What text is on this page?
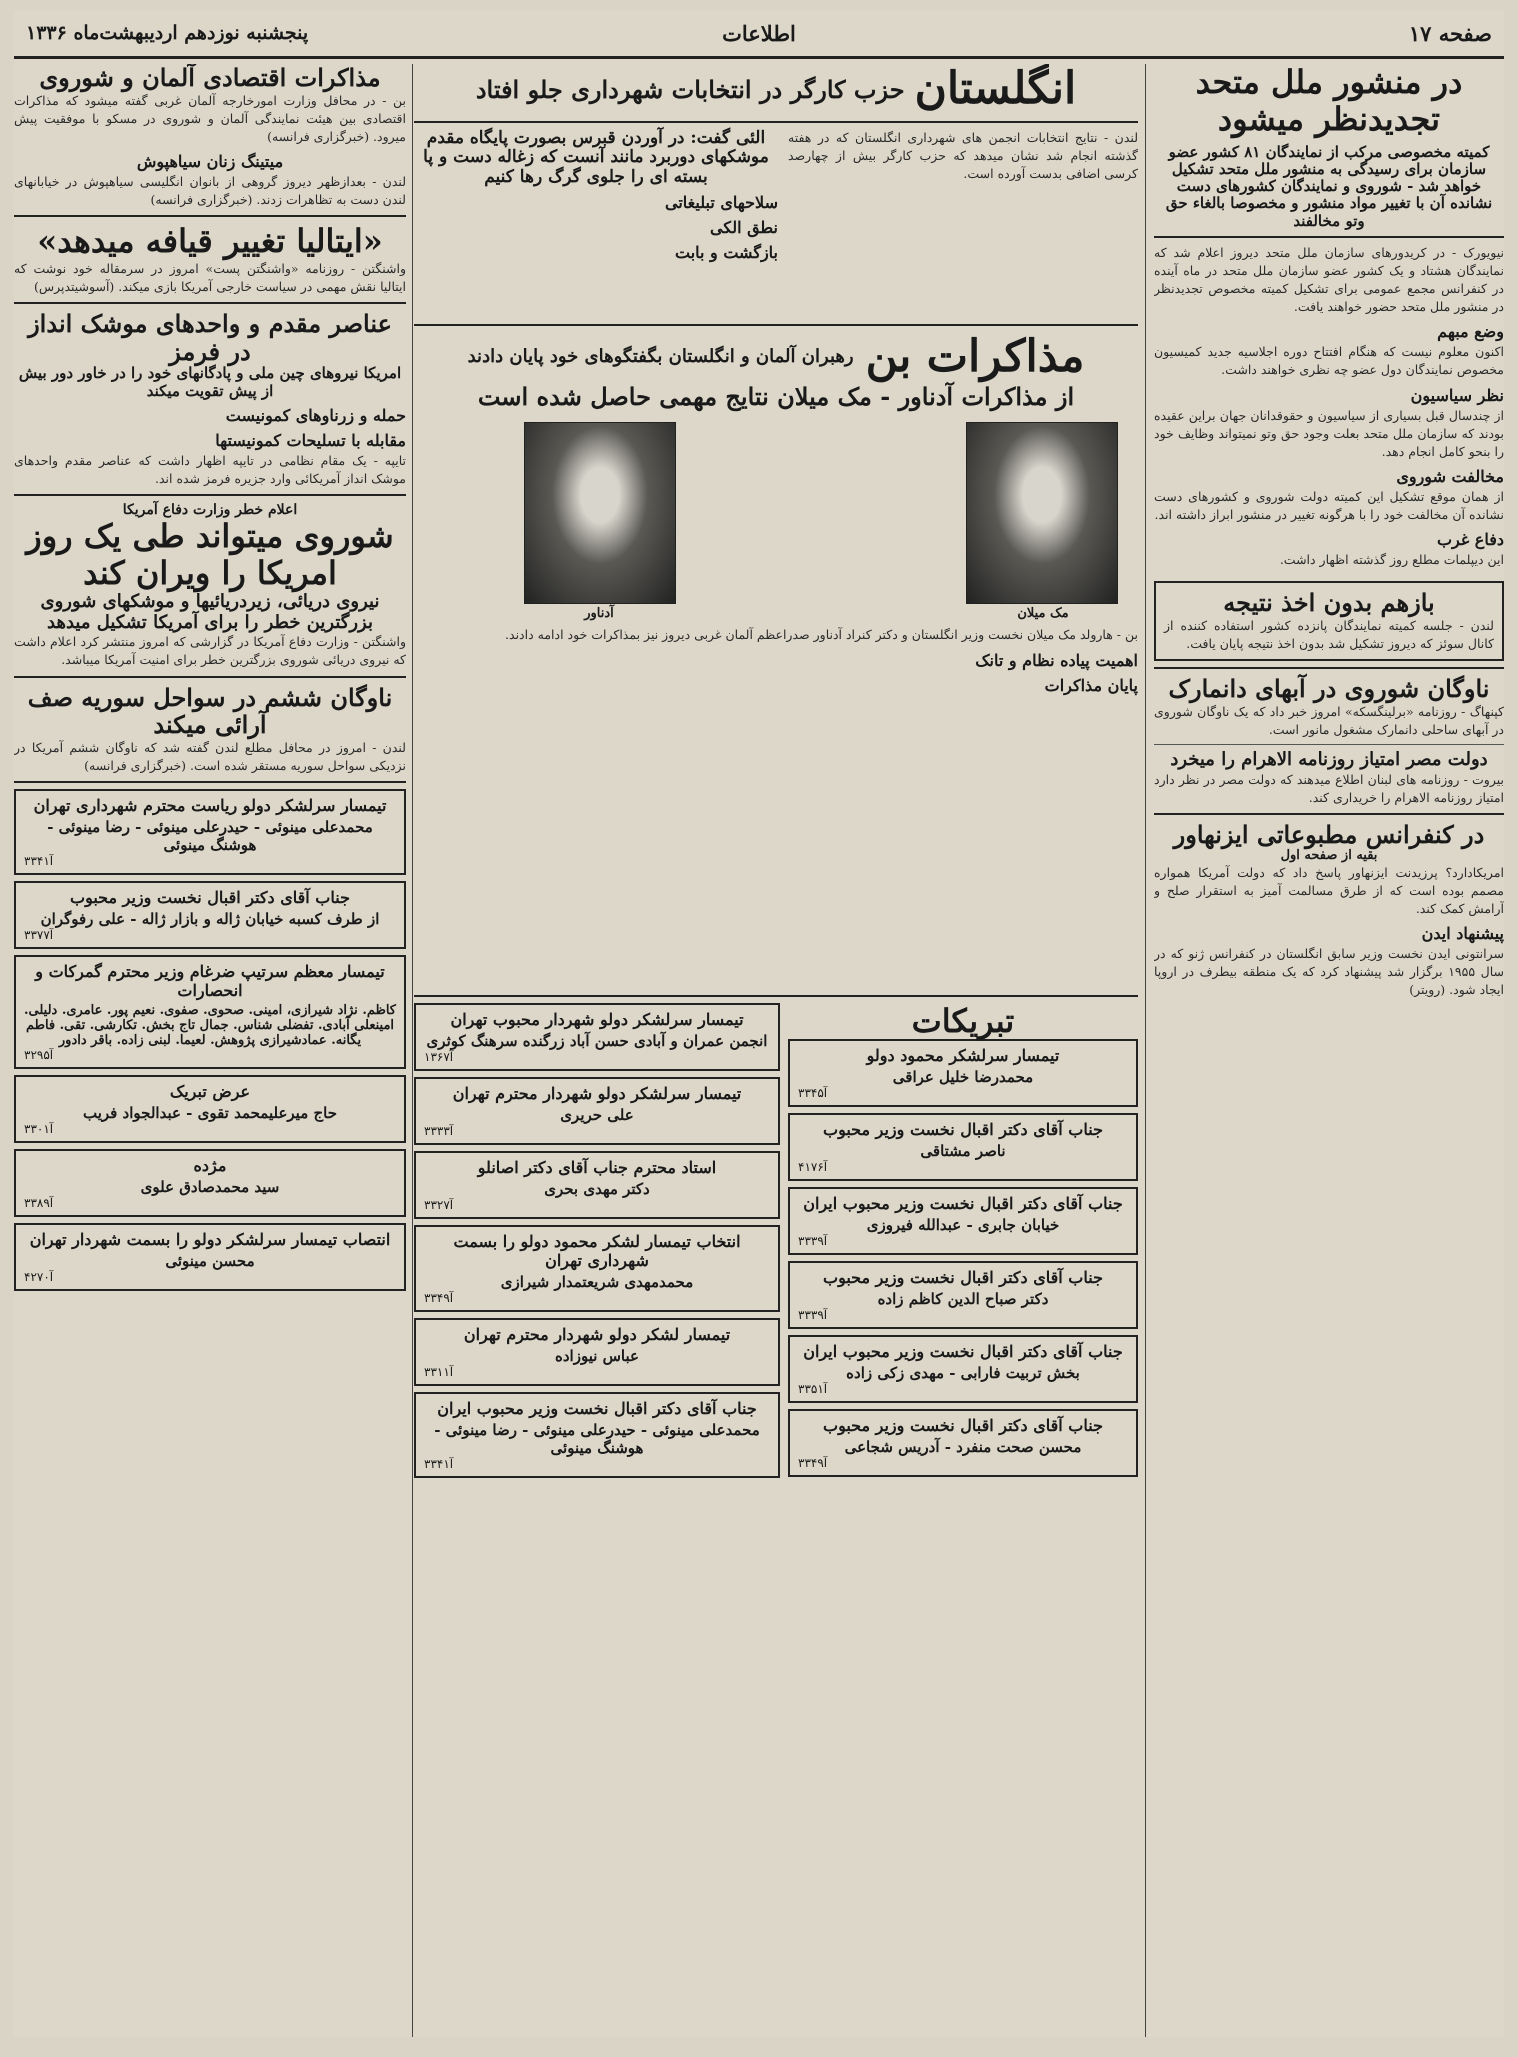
صفحه ۱۷
اطلاعات
پنجشنبه نوزدهم اردیبهشت‌ماه ۱۳۳۶
در منشور ملل متحد تجدیدنظر میشود
کمیته مخصوصی مرکب از نمایندگان ۸۱ کشور عضو سازمان برای رسیدگی به منشور ملل متحد تشکیل خواهد شد - شوروی و نمایندگان کشورهای دست نشانده آن با تغییر مواد منشور و مخصوصا بالغاء حق وتو مخالفند
نیویورک - در کریدورهای سازمان ملل متحد دیروز اعلام شد که نمایندگان هشتاد و یک کشور عضو سازمان ملل متحد در ماه آینده در کنفرانس مجمع عمومی برای تشکیل کمیته مخصوص تجدیدنظر در منشور ملل متحد حضور خواهند یافت.
وضع مبهم
اکنون معلوم نیست که هنگام افتتاح دوره اجلاسیه جدید کمیسیون مخصوص نمایندگان دول عضو چه نظری خواهند داشت.
نظر سیاسیون
از چندسال قبل بسیاری از سیاسیون و حقوقدانان جهان براین عقیده بودند که سازمان ملل متحد بعلت وجود حق وتو نمیتواند وظایف خود را بنحو کامل انجام دهد.
مخالفت شوروی
از همان موقع تشکیل این کمیته دولت شوروی و کشورهای دست نشانده آن مخالفت خود را با هرگونه تغییر در منشور ابراز داشته اند.
دفاع غرب
این دیپلمات مطلع روز گذشته اظهار داشت.
بازهم بدون اخذ نتیجه
لندن - جلسه کمیته نمایندگان پانزده کشور استفاده کننده از کانال سوئز که دیروز تشکیل شد بدون اخذ نتیجه پایان یافت.
ناوگان شوروی در آبهای دانمارک
کپنهاگ - روزنامه «برلینگسکه» امروز خبر داد که یک ناوگان شوروی در آبهای ساحلی دانمارک مشغول مانور است.
دولت مصر امتیاز روزنامه الاهرام را میخرد
بیروت - روزنامه های لبنان اطلاع میدهند که دولت مصر در نظر دارد امتیاز روزنامه الاهرام را خریداری کند.
در کنفرانس مطبوعاتی ایزنهاور
بقیه از صفحه اول
امریکادارد؟ پرزیدنت ایزنهاور پاسخ داد که دولت آمریکا همواره مصمم بوده است که از طرق مسالمت آمیز به استقرار صلح و آرامش کمک کند.
پیشنهاد ایدن
سرانتونی ایدن نخست وزیر سابق انگلستان در کنفرانس ژنو که در سال ۱۹۵۵ برگزار شد پیشنهاد کرد که یک منطقه بیطرف در اروپا ایجاد شود. (رویتر)
انگلستان
حزب کارگر در انتخابات شهرداری جلو افتاد
لندن - نتایج انتخابات انجمن های شهرداری انگلستان که در هفته گذشته انجام شد نشان میدهد که حزب کارگر بیش از چهارصد کرسی اضافی بدست آورده است.
الئی گفت: در آوردن قبرس بصورت پایگاه مقدم موشکهای دوربرد مانند آنست که زغاله دست و پا بسته ای را جلوی گرگ رها کنیم
سلاحهای تبلیغاتی
نطق الکی
بازگشت و بابت
مذاکرات بن
رهبران آلمان و انگلستان بگفتگوهای خود پایان دادند
از مذاکرات آدناور - مک میلان نتایج مهمی حاصل شده است
مک میلان
آدناور
بن - هارولد مک میلان نخست وزیر انگلستان و دکتر کنراد آدناور صدراعظم آلمان غربی دیروز نیز بمذاکرات خود ادامه دادند.
اهمیت پیاده نظام و تانک
پایان مذاکرات
تبریکات
تیمسار سرلشکر محمود دولو
محمدرضا خلیل عراقی
آ۳۳۴۵
جناب آقای دکتر اقبال نخست وزیر محبوب
ناصر مشتاقی
آ۴۱۷۶
جناب آقای دکتر اقبال نخست وزیر محبوب ایران
خیابان جابری - عبدالله فیروزی
آ۳۳۳۹
جناب آقای دکتر اقبال نخست وزیر محبوب
دکتر صباح الدین کاظم زاده
آ۳۳۳۹
جناب آقای دکتر اقبال نخست وزیر محبوب ایران
بخش تربیت فارابی - مهدی زکی زاده
آ۳۳۵۱
جناب آقای دکتر اقبال نخست وزیر محبوب
محسن صحت منفرد - آدریس شجاعی
آ۳۳۴۹
تیمسار سرلشکر دولو شهردار محبوب تهران
انجمن عمران و آبادی حسن آباد زرگنده سرهنگ کوثری
آ۱۳۶۷
تیمسار سرلشکر دولو شهردار محترم تهران
علی حریری
آ۳۳۳۳
استاد محترم جناب آقای دکتر اصانلو
دکتر مهدی بحری
آ۳۳۲۷
انتخاب تیمسار لشکر محمود دولو را بسمت شهرداری تهران
محمدمهدی شریعتمدار شیرازی
آ۳۳۴۹
تیمسار لشکر دولو شهردار محترم تهران
عباس نیوزاده
آ۳۳۱۱
جناب آقای دکتر اقبال نخست وزیر محبوب ایران
محمدعلی مینوئی - حیدرعلی مینوئی - رضا مینوئی - هوشنگ مینوئی
آ۳۳۴۱
مذاکرات اقتصادی آلمان و شوروی
بن - در محافل وزارت امورخارجه آلمان غربی گفته میشود که مذاکرات اقتصادی بین هیئت نمایندگی آلمان و شوروی در مسکو با موفقیت پیش میرود. (خبرگزاری فرانسه)
میتینگ زنان سیاهپوش
لندن - بعدازظهر دیروز گروهی از بانوان انگلیسی سیاهپوش در خیابانهای لندن دست به تظاهرات زدند. (خبرگزاری فرانسه)
«ایتالیا تغییر قیافه میدهد»
واشنگتن - روزنامه «واشنگتن پست» امروز در سرمقاله خود نوشت که ایتالیا نقش مهمی در سیاست خارجی آمریکا بازی میکند. (آسوشیتدپرس)
عناصر مقدم و واحدهای موشک انداز در فرمز
امریکا نیروهای چین ملی و پادگانهای خود را در خاور دور بیش از پیش تقویت میکند
حمله و زرناوهای کمونیست
مقابله با تسلیحات کمونیستها
تایپه - یک مقام نظامی در تایپه اظهار داشت که عناصر مقدم واحدهای موشک انداز آمریکائی وارد جزیره فرمز شده اند.
اعلام خطر وزارت دفاع آمریکا
شوروی میتواند طی یک روز امریکا را ویران کند
نیروی دریائی، زیردریائیها و موشکهای شوروی بزرگترین خطر را برای آمریکا تشکیل میدهد
واشنگتن - وزارت دفاع آمریکا در گزارشی که امروز منتشر کرد اعلام داشت که نیروی دریائی شوروی بزرگترین خطر برای امنیت آمریکا میباشد.
ناوگان ششم در سواحل سوریه صف آرائی میکند
لندن - امروز در محافل مطلع لندن گفته شد که ناوگان ششم آمریکا در نزدیکی سواحل سوریه مستقر شده است. (خبرگزاری فرانسه)
تیمسار سرلشکر دولو ریاست محترم شهرداری تهران
محمدعلی مینوئی - حیدرعلی مینوئی - رضا مینوئی - هوشنگ مینوئی
آ۳۳۴۱
جناب آقای دکتر اقبال نخست وزیر محبوب
از طرف کسبه خیابان ژاله و بازار ژاله - علی رفوگران
آ۳۳۷۷
تیمسار معظم سرتیپ ضرغام وزیر محترم گمرکات و انحصارات
کاظم. نژاد شیرازی، امینی. صحوی. صفوی. نعیم پور. عامری. دلیلی. امینعلی آبادی. تفضلی شناس. جمال تاج بخش. تکارشی. تقی. فاطم یگانه. عمادشیرازی پژوهش. لعیما. لبنی زاده. باقر دادور
آ۳۲۹۵
عرض تبریک
حاج میرعلیمحمد تقوی - عبدالجواد فریب
آ۳۳۰۱
مژده
سید محمدصادق علوی
آ۳۳۸۹
انتصاب تیمسار سرلشکر دولو را بسمت شهردار تهران
محسن مینوئی
آ۴۲۷۰
